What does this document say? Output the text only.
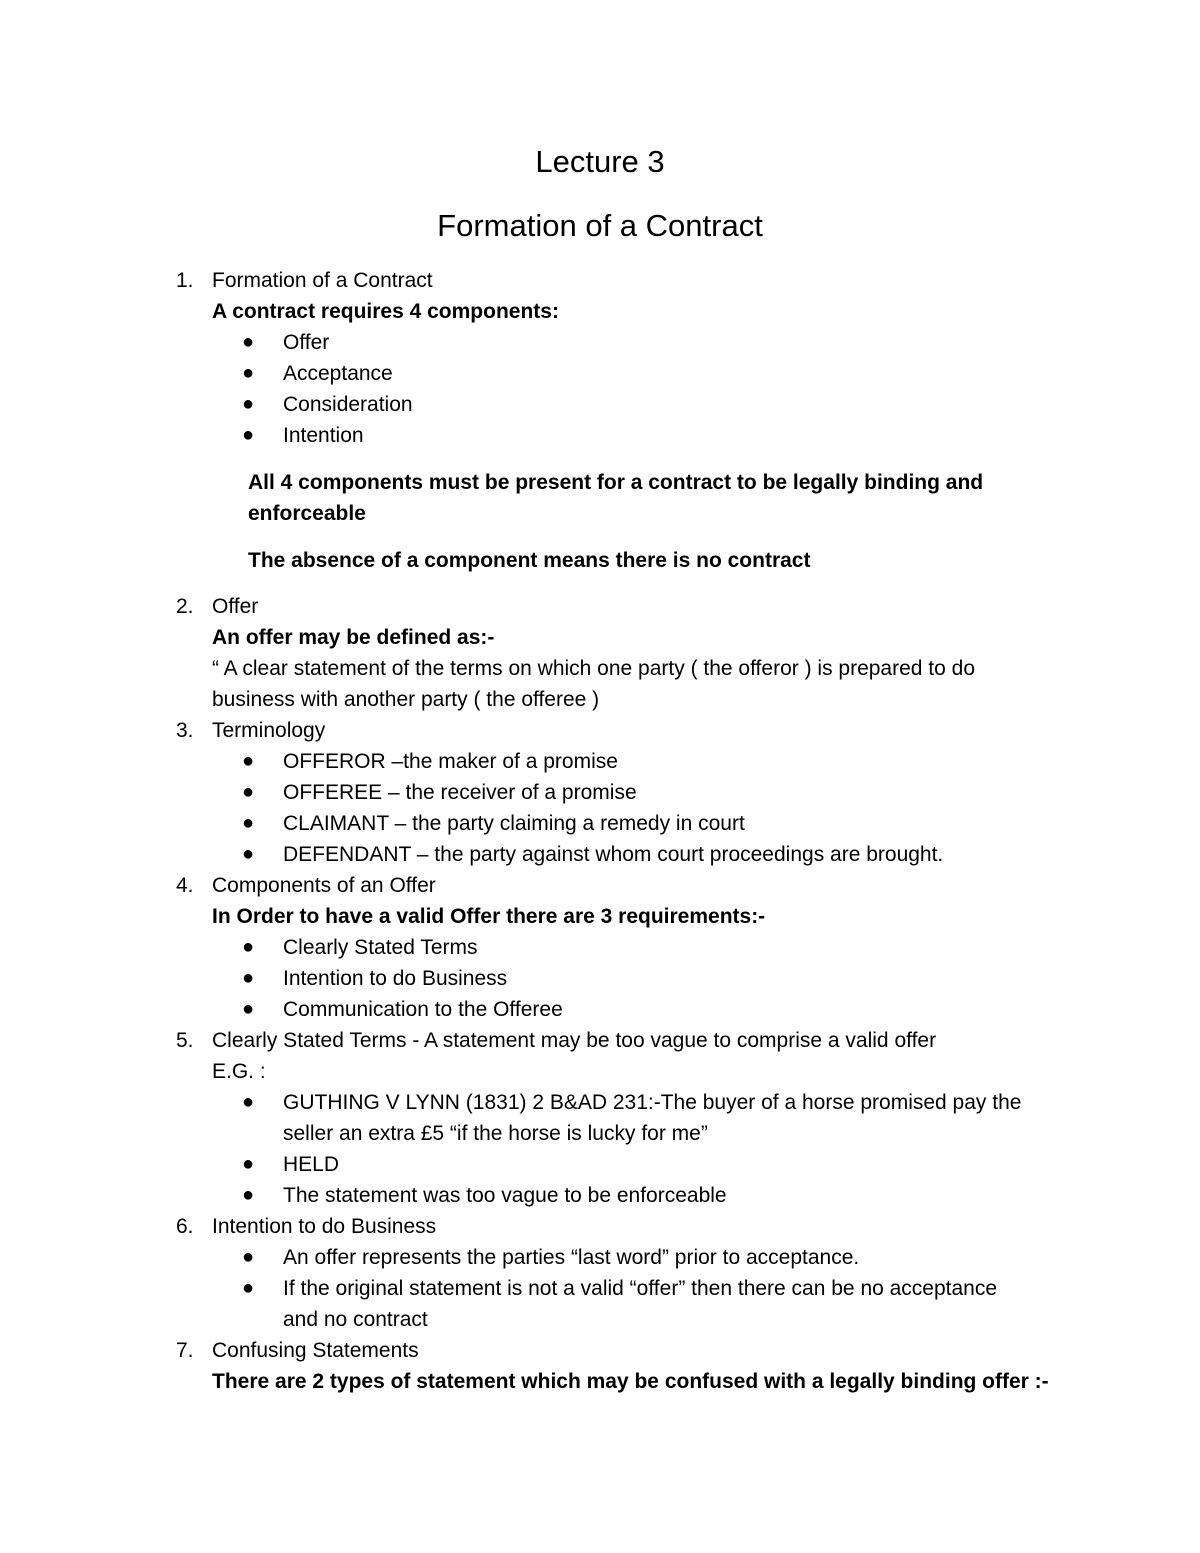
Lecture 3
Formation of a Contract
1. Formation of a Contract
A contract requires 4 components:
● Offer
● Acceptance
● Consideration
● Intention
All 4 components must be present for a contract to be legally binding and
enforceable
The absence of a component means there is no contract
2. Offer
An offer may be defined as:-
“ A clear statement of the terms on which one party ( the offeror ) is prepared to do
business with another party ( the offeree )
3. Terminology
● OFFEROR –the maker of a promise
● OFFEREE – the receiver of a promise
● CLAIMANT – the party claiming a remedy in court
● DEFENDANT – the party against whom court proceedings are brought.
4. Components of an Offer
In Order to have a valid Offer there are 3 requirements:-
● Clearly Stated Terms
● Intention to do Business
● Communication to the Offeree
5. Clearly Stated Terms - A statement may be too vague to comprise a valid offer
E.G. :
● GUTHING V LYNN (1831) 2 B&AD 231:-The buyer of a horse promised pay the
seller an extra £5 “if the horse is lucky for me”
● HELD
● The statement was too vague to be enforceable
6. Intention to do Business
● An offer represents the parties “last word” prior to acceptance.
● If the original statement is not a valid “offer” then there can be no acceptance
and no contract
7. Confusing Statements
There are 2 types of statement which may be confused with a legally binding offer :-
